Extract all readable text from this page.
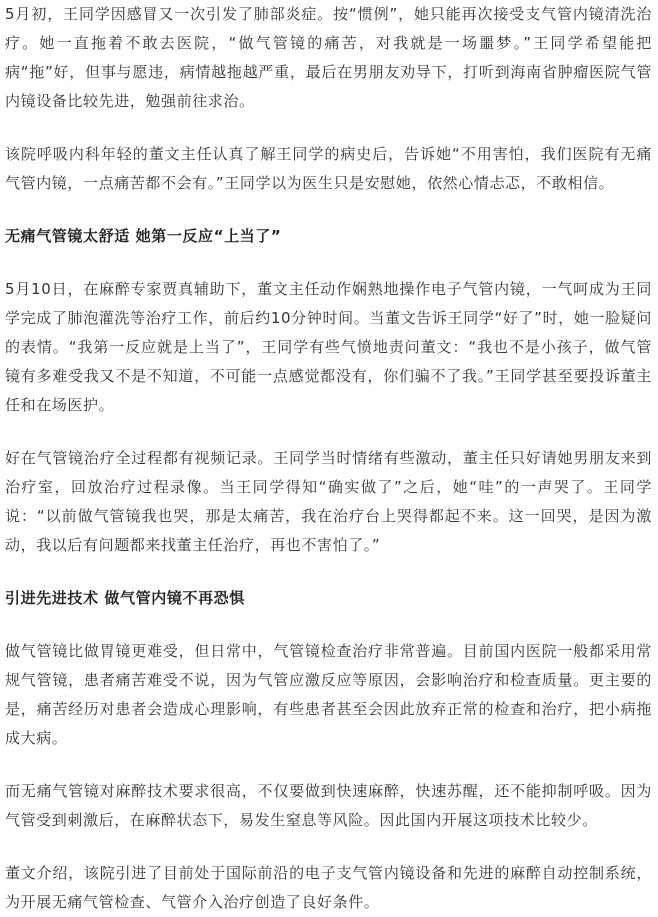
5月初，王同学因感冒又一次引发了肺部炎症。按“惯例”，她只能再次接受支气管内镜清洗治疗。她一直拖着不敢去医院，“做气管镜的痛苦，对我就是一场噩梦。”王同学希望能把病“拖”好，但事与愿违，病情越拖越严重，最后在男朋友劝导下，打听到海南省肿瘤医院气管内镜设备比较先进，勉强前往求治。

该院呼吸内科年轻的董文主任认真了解王同学的病史后，告诉她“不用害怕，我们医院有无痛气管内镜，一点痛苦都不会有。”王同学以为医生只是安慰她，依然心情忐忑，不敢相信。

无痛气管镜太舒适 她第一反应“上当了”

5月10日，在麻醉专家贾真辅助下，董文主任动作娴熟地操作电子气管内镜，一气呵成为王同学完成了肺泡灌洗等治疗工作，前后约10分钟时间。当董文告诉王同学“好了”时，她一脸疑问的表情。“我第一反应就是上当了”，王同学有些气愤地责问董文：“我也不是小孩子，做气管镜有多难受我又不是不知道，不可能一点感觉都没有，你们骗不了我。”王同学甚至要投诉董主任和在场医护。

好在气管镜治疗全过程都有视频记录。王同学当时情绪有些激动，董主任只好请她男朋友来到治疗室，回放治疗过程录像。当王同学得知“确实做了”之后，她“哇”的一声哭了。王同学说：“以前做气管镜我也哭，那是太痛苦，我在治疗台上哭得都起不来。这一回哭，是因为激动，我以后有问题都来找董主任治疗，再也不害怕了。”

引进先进技术 做气管内镜不再恐惧

做气管镜比做胃镜更难受，但日常中，气管镜检查治疗非常普遍。目前国内医院一般都采用常规气管镜，患者痛苦难受不说，因为气管应激反应等原因，会影响治疗和检查质量。更主要的是，痛苦经历对患者会造成心理影响，有些患者甚至会因此放弃正常的检查和治疗，把小病拖成大病。

而无痛气管镜对麻醉技术要求很高，不仅要做到快速麻醉，快速苏醒，还不能抑制呼吸。因为气管受到刺激后，在麻醉状态下，易发生窒息等风险。因此国内开展这项技术比较少。

董文介绍，该院引进了目前处于国际前沿的电子支气管内镜设备和先进的麻醉自动控制系统，为开展无痛气管检查、气管介入治疗创造了良好条件。
